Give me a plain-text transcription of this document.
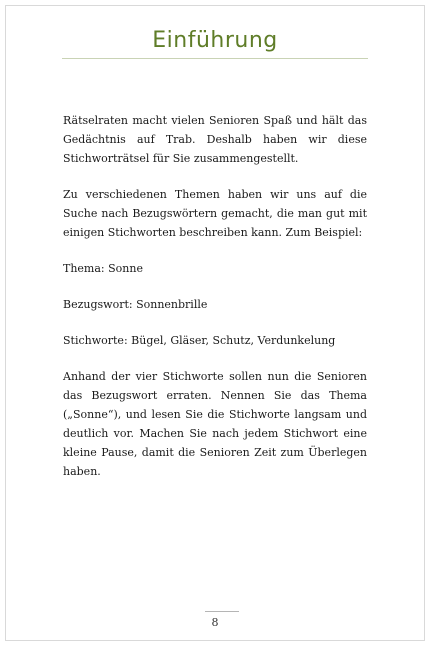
Einführung

Rätselraten macht vielen Senioren Spaß und hält das Gedächtnis auf Trab. Deshalb haben wir diese Stichworträtsel für Sie zusammengestellt.

Zu verschiedenen Themen haben wir uns auf die Suche nach Bezugswörtern gemacht, die man gut mit einigen Stichworten beschreiben kann. Zum Beispiel:

Thema: Sonne

Bezugswort: Sonnenbrille

Stichworte: Bügel, Gläser, Schutz, Verdunkelung

Anhand der vier Stichworte sollen nun die Senioren das Bezugswort erraten. Nennen Sie das Thema („Sonne“), und lesen Sie die Stichworte langsam und deutlich vor. Machen Sie nach jedem Stichwort eine kleine Pause, damit die Senioren Zeit zum Überlegen haben.

8
